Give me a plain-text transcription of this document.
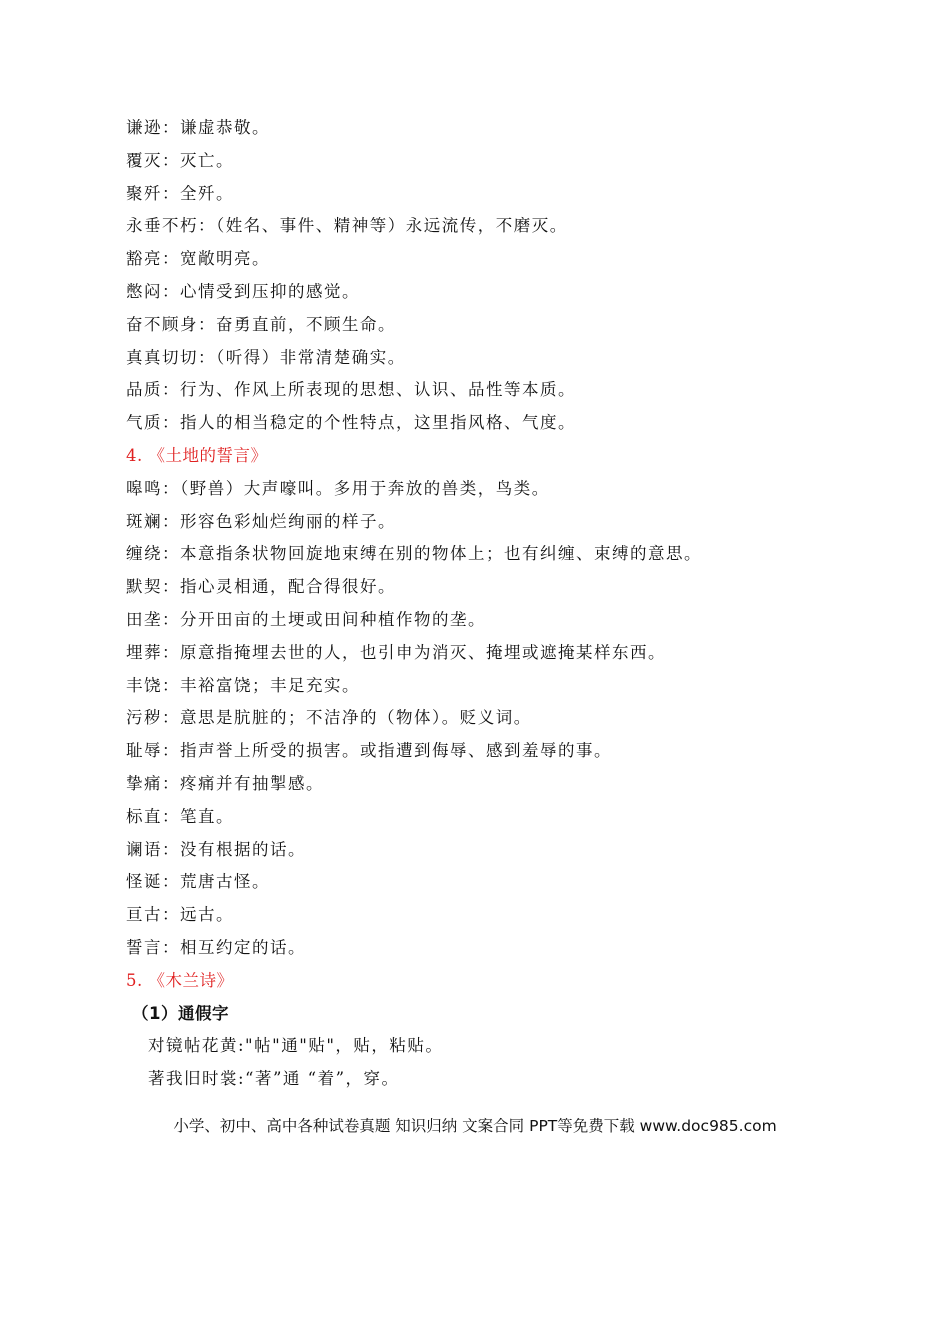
谦逊：谦虚恭敬。
覆灭：灭亡。
聚歼：全歼。
永垂不朽：（姓名、事件、精神等）永远流传，不磨灭。
豁亮：宽敞明亮。
憋闷：心情受到压抑的感觉。
奋不顾身：奋勇直前，不顾生命。
真真切切：（听得）非常清楚确实。
品质：行为、作风上所表现的思想、认识、品性等本质。
气质：指人的相当稳定的个性特点，这里指风格、气度。
4. 《土地的誓言》
嗥鸣：（野兽）大声嚎叫。多用于奔放的兽类，鸟类。
斑斓：形容色彩灿烂绚丽的样子。
缠绕：本意指条状物回旋地束缚在别的物体上；也有纠缠、束缚的意思。
默契：指心灵相通，配合得很好。
田垄：分开田亩的土埂或田间种植作物的垄。
埋葬：原意指掩埋去世的人，也引申为消灭、掩埋或遮掩某样东西。
丰饶：丰裕富饶；丰足充实。
污秽：意思是肮脏的；不洁净的（物体）。贬义词。
耻辱：指声誉上所受的损害。或指遭到侮辱、感到羞辱的事。
挚痛：疼痛并有抽掣感。
标直：笔直。
谰语：没有根据的话。
怪诞：荒唐古怪。
亘古：远古。
誓言：相互约定的话。
5. 《木兰诗》
（1）通假字
对镜帖花黄:"帖"通"贴"，贴，粘贴。
著我旧时裳:“著”通 “着”，穿。
小学、初中、高中各种试卷真题 知识归纳 文案合同 PPT等免费下载 www.doc985.com
